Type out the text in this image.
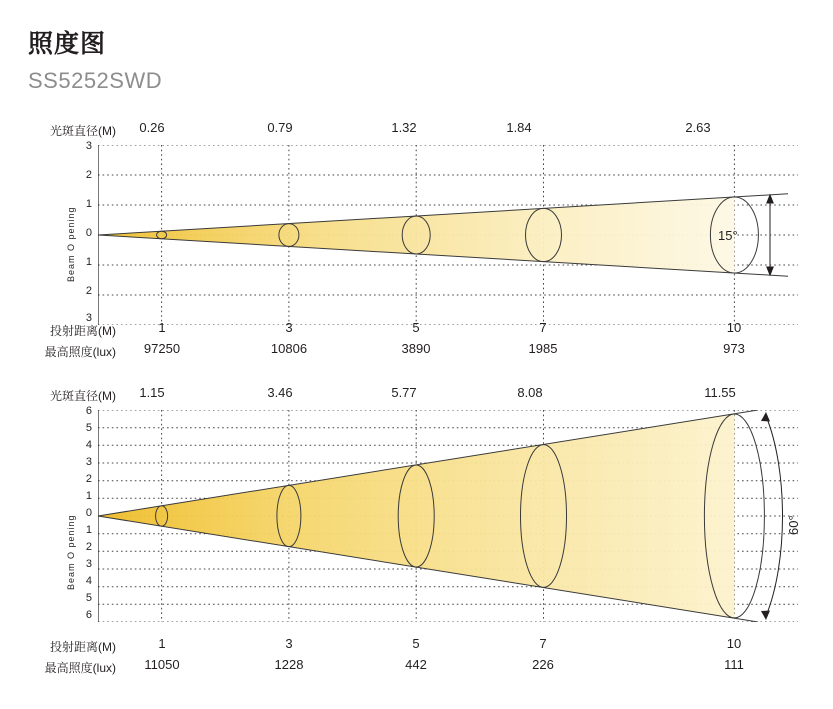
照度图
SS5252SWD
光斑直径(M)	0.26	0.79	1.32	1.84	2.63
3
2
1
0
1
2
3
Beam O pening	15°
投射距离(M)	1	3	5	7	10
最高照度(lux)	97250	10806	3890	1985	973
光斑直径(M)	1.15	3.46	5.77	8.08	11.55
6
5
4
3
2
1
0
1
2
3
4
5
6
Beam O pening	60°
投射距离(M)	1	3	5	7	10
最高照度(lux)	11050	1228	442	226	111
